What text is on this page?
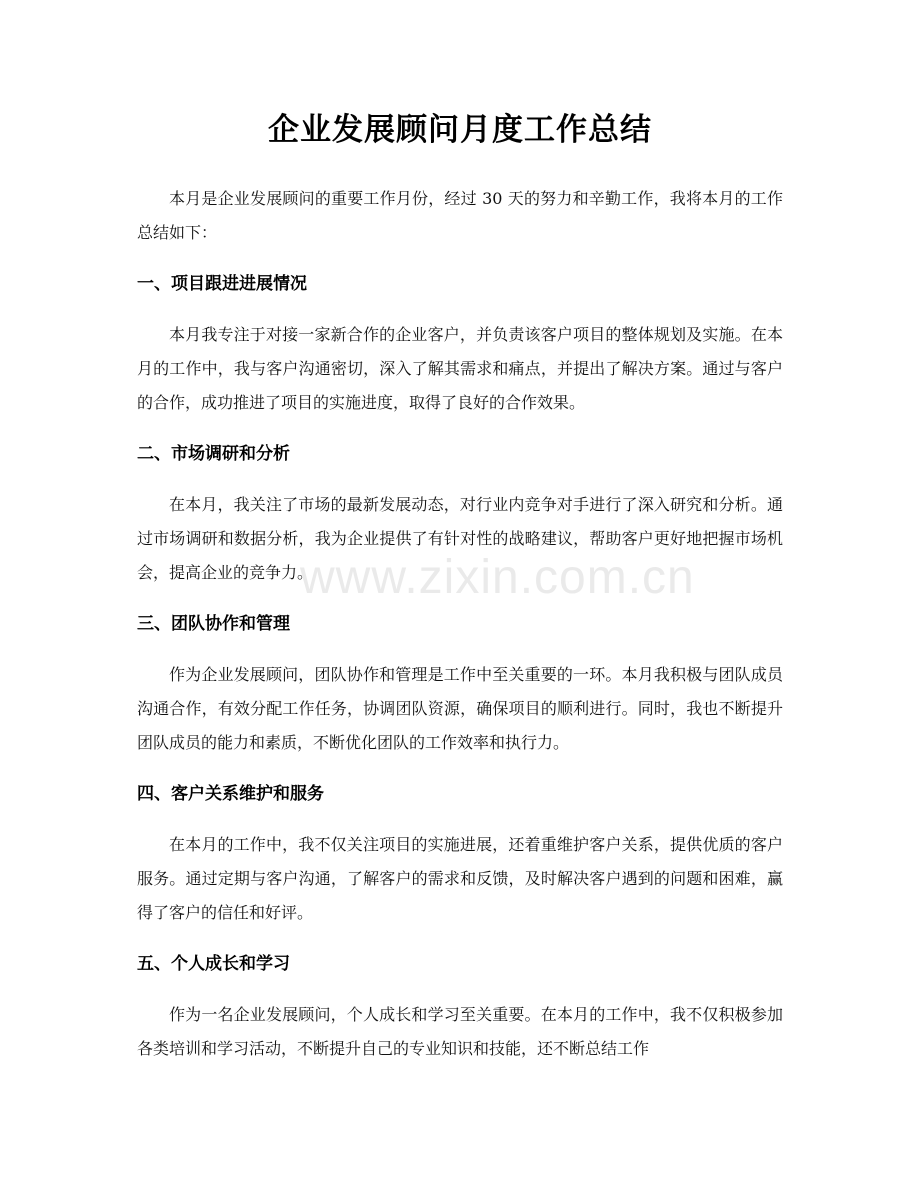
企业发展顾问月度工作总结

本月是企业发展顾问的重要工作月份，经过 30 天的努力和辛勤工作，我将本月的工作总结如下：

一、项目跟进进展情况

本月我专注于对接一家新合作的企业客户，并负责该客户项目的整体规划及实施。在本月的工作中，我与客户沟通密切，深入了解其需求和痛点，并提出了解决方案。通过与客户的合作，成功推进了项目的实施进度，取得了良好的合作效果。

二、市场调研和分析

在本月，我关注了市场的最新发展动态，对行业内竞争对手进行了深入研究和分析。通过市场调研和数据分析，我为企业提供了有针对性的战略建议，帮助客户更好地把握市场机会，提高企业的竞争力。

三、团队协作和管理

作为企业发展顾问，团队协作和管理是工作中至关重要的一环。本月我积极与团队成员沟通合作，有效分配工作任务，协调团队资源，确保项目的顺利进行。同时，我也不断提升团队成员的能力和素质，不断优化团队的工作效率和执行力。

四、客户关系维护和服务

在本月的工作中，我不仅关注项目的实施进展，还着重维护客户关系，提供优质的客户服务。通过定期与客户沟通，了解客户的需求和反馈，及时解决客户遇到的问题和困难，赢得了客户的信任和好评。

五、个人成长和学习

作为一名企业发展顾问，个人成长和学习至关重要。在本月的工作中，我不仅积极参加各类培训和学习活动，不断提升自己的专业知识和技能，还不断总结工作

www.zixin.com.cn
